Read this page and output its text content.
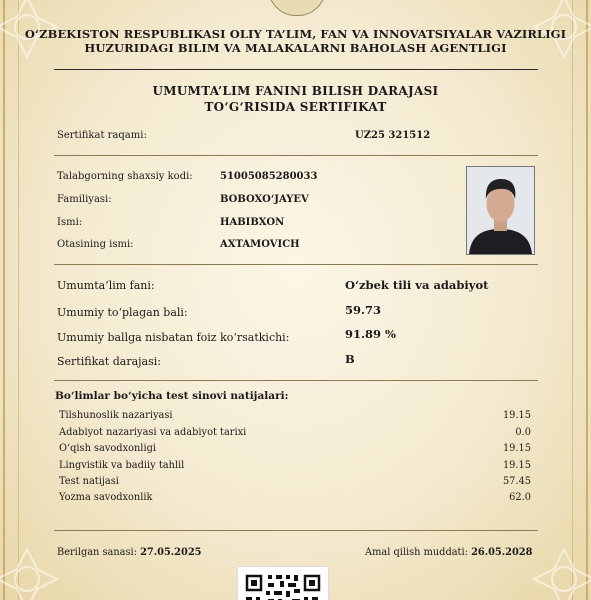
O‘ZBEKISTON RESPUBLIKASI OLIY TA’LIM, FAN VA INNOVATSIYALAR VAZIRLIGI
HUZURIDAGI BILIM VA MALAKALARNI BAHOLASH AGENTLIGI
UMUMTA’LIM FANINI BILISH DARAJASI
TO‘G‘RISIDA SERTIFIKAT
Sertifikat raqami:	UZ25 321512
Talabgorning shaxsiy kodi:	51005085280033
Familiyasi:	BOBOXO‘JAYEV
Ismi:	HABIBXON
Otasining ismi:	AXTAMOVICH
Umumta’lim fani:	O‘zbek tili va adabiyot
Umumiy to‘plagan bali:	59.73
Umumiy ballga nisbatan foiz ko‘rsatkichi:	91.89 %
Sertifikat darajasi:	B
Bo‘limlar bo‘yicha test sinovi natijalari:
Tilshunoslik nazariyasi	19.15
Adabiyot nazariyasi va adabiyot tarixi	0.0
O‘qish savodxonligi	19.15
Lingvistik va badiiy tahlil	19.15
Test natijasi	57.45
Yozma savodxonlik	62.0
Berilgan sanasi: 27.05.2025	Amal qilish muddati: 26.05.2028
